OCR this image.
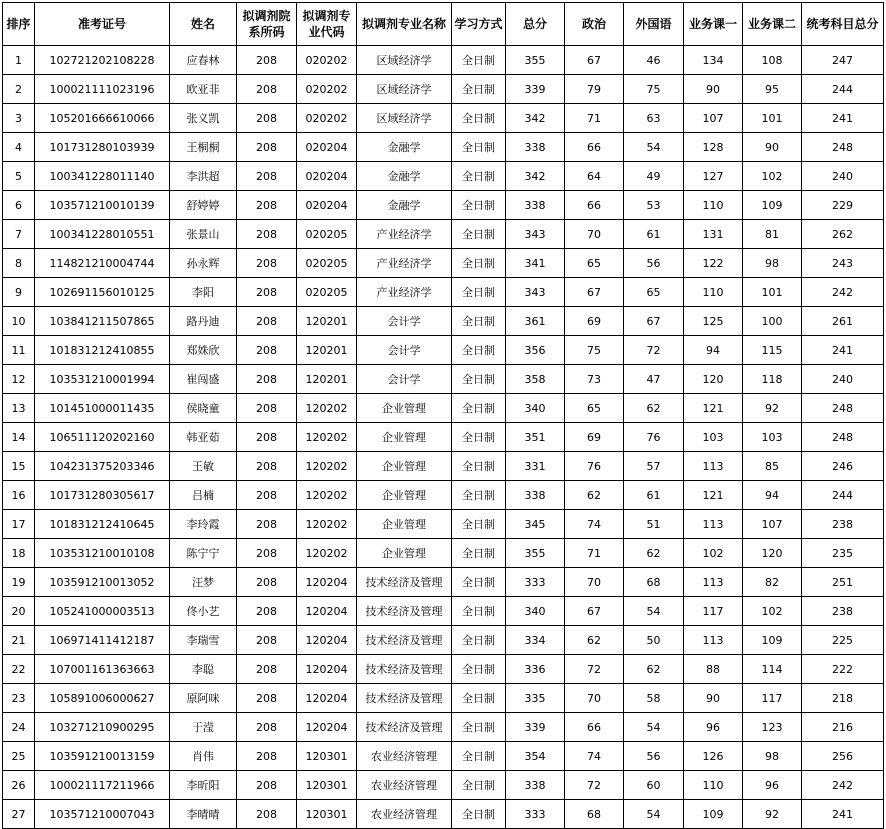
排序	准考证号	姓名	拟调剂院系所码	拟调剂专业代码	拟调剂专业名称	学习方式	总分	政治	外国语	业务课一	业务课二	统考科目总分
1	102721202108228	应春林	208	020202	区域经济学	全日制	355	67	46	134	108	247
2	100021111023196	欧亚非	208	020202	区域经济学	全日制	339	79	75	90	95	244
3	105201666610066	张义凯	208	020202	区域经济学	全日制	342	71	63	107	101	241
4	101731280103939	王桐桐	208	020204	金融学	全日制	338	66	54	128	90	248
5	100341228011140	李洪超	208	020204	金融学	全日制	342	64	49	127	102	240
6	103571210010139	舒婷婷	208	020204	金融学	全日制	338	66	53	110	109	229
7	100341228010551	张景山	208	020205	产业经济学	全日制	343	70	61	131	81	262
8	114821210004744	孙永辉	208	020205	产业经济学	全日制	341	65	56	122	98	243
9	102691156010125	李阳	208	020205	产业经济学	全日制	343	67	65	110	101	242
10	103841211507865	路丹迪	208	120201	会计学	全日制	361	69	67	125	100	261
11	101831212410855	郑姝欣	208	120201	会计学	全日制	356	75	72	94	115	241
12	103531210001994	崔闯盛	208	120201	会计学	全日制	358	73	47	120	118	240
13	101451000011435	侯晓童	208	120202	企业管理	全日制	340	65	62	121	92	248
14	106511120202160	韩亚茹	208	120202	企业管理	全日制	351	69	76	103	103	248
15	104231375203346	王敏	208	120202	企业管理	全日制	331	76	57	113	85	246
16	101731280305617	吕楠	208	120202	企业管理	全日制	338	62	61	121	94	244
17	101831212410645	李玲霞	208	120202	企业管理	全日制	345	74	51	113	107	238
18	103531210010108	陈宁宁	208	120202	企业管理	全日制	355	71	62	102	120	235
19	103591210013052	汪梦	208	120204	技术经济及管理	全日制	333	70	68	113	82	251
20	105241000003513	佟小艺	208	120204	技术经济及管理	全日制	340	67	54	117	102	238
21	106971411412187	李瑞雪	208	120204	技术经济及管理	全日制	334	62	50	113	109	225
22	107001161363663	李聪	208	120204	技术经济及管理	全日制	336	72	62	88	114	222
23	105891006000627	原阿咪	208	120204	技术经济及管理	全日制	335	70	58	90	117	218
24	103271210900295	于滢	208	120204	技术经济及管理	全日制	339	66	54	96	123	216
25	103591210013159	肖伟	208	120301	农业经济管理	全日制	354	74	56	126	98	256
26	100021117211966	李昕阳	208	120301	农业经济管理	全日制	338	72	60	110	96	242
27	103571210007043	李晴晴	208	120301	农业经济管理	全日制	333	68	54	109	92	241
